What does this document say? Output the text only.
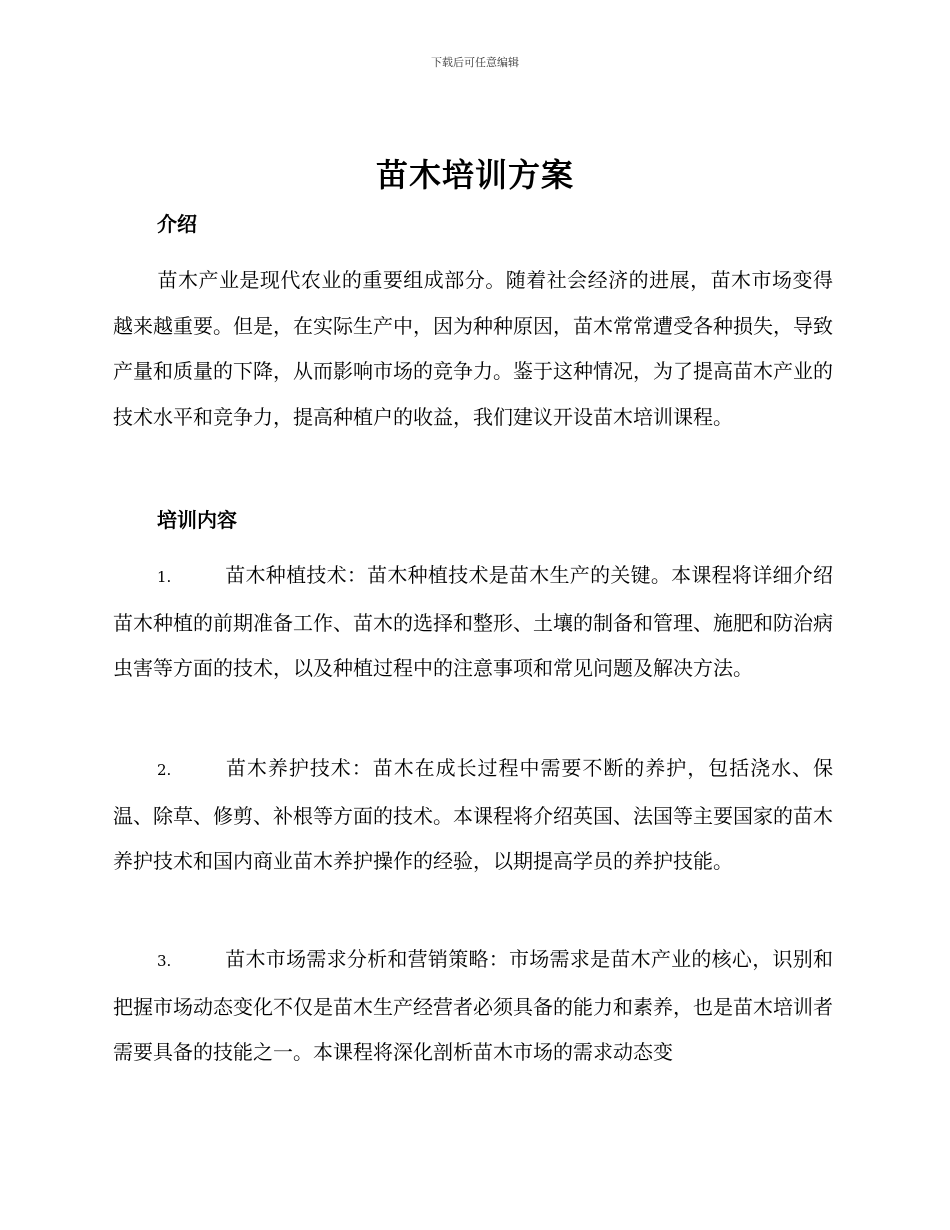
下载后可任意编辑
苗木培训方案
介绍
苗木产业是现代农业的重要组成部分。随着社会经济的进展，苗木市场变得越来越重要。但是，在实际生产中，因为种种原因，苗木常常遭受各种损失，导致产量和质量的下降，从而影响市场的竞争力。鉴于这种情况，为了提高苗木产业的技术水平和竞争力，提高种植户的收益，我们建议开设苗木培训课程。
培训内容
1.	苗木种植技术：苗木种植技术是苗木生产的关键。本课程将详细介绍苗木种植的前期准备工作、苗木的选择和整形、土壤的制备和管理、施肥和防治病虫害等方面的技术，以及种植过程中的注意事项和常见问题及解决方法。
2.	苗木养护技术：苗木在成长过程中需要不断的养护，包括浇水、保温、除草、修剪、补根等方面的技术。本课程将介绍英国、法国等主要国家的苗木养护技术和国内商业苗木养护操作的经验，以期提高学员的养护技能。
3.	苗木市场需求分析和营销策略：市场需求是苗木产业的核心，识别和把握市场动态变化不仅是苗木生产经营者必须具备的能力和素养，也是苗木培训者需要具备的技能之一。本课程将深化剖析苗木市场的需求动态变
